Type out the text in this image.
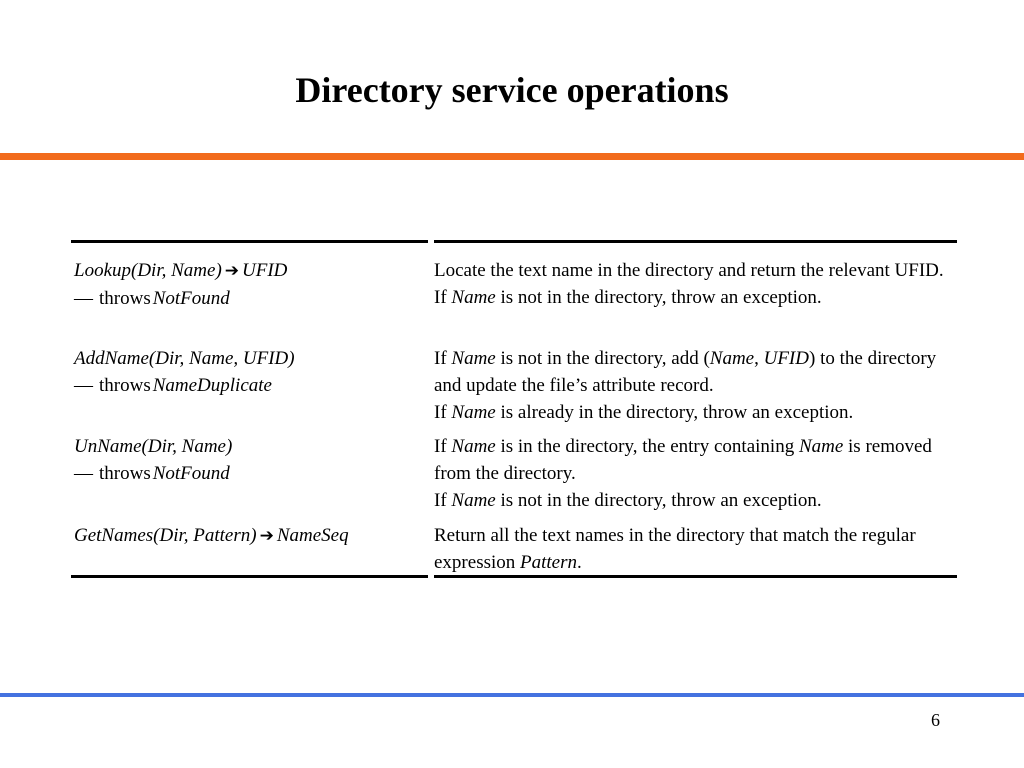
Directory service operations
Lookup(Dir, Name) ➔ UFID
— throws NotFound
Locate the text name in the directory and return the relevant UFID. If Name is not in the directory, throw an exception.
AddName(Dir, Name, UFID)
— throws NameDuplicate
If Name is not in the directory, add (Name, UFID) to the directory and update the file’s attribute record.
If Name is already in the directory, throw an exception.
UnName(Dir, Name)
— throws NotFound
If Name is in the directory, the entry containing Name is removed from the directory.
If Name is not in the directory, throw an exception.
GetNames(Dir, Pattern) ➔ NameSeq	Return all the text names in the directory that match the regular expression Pattern.
6
